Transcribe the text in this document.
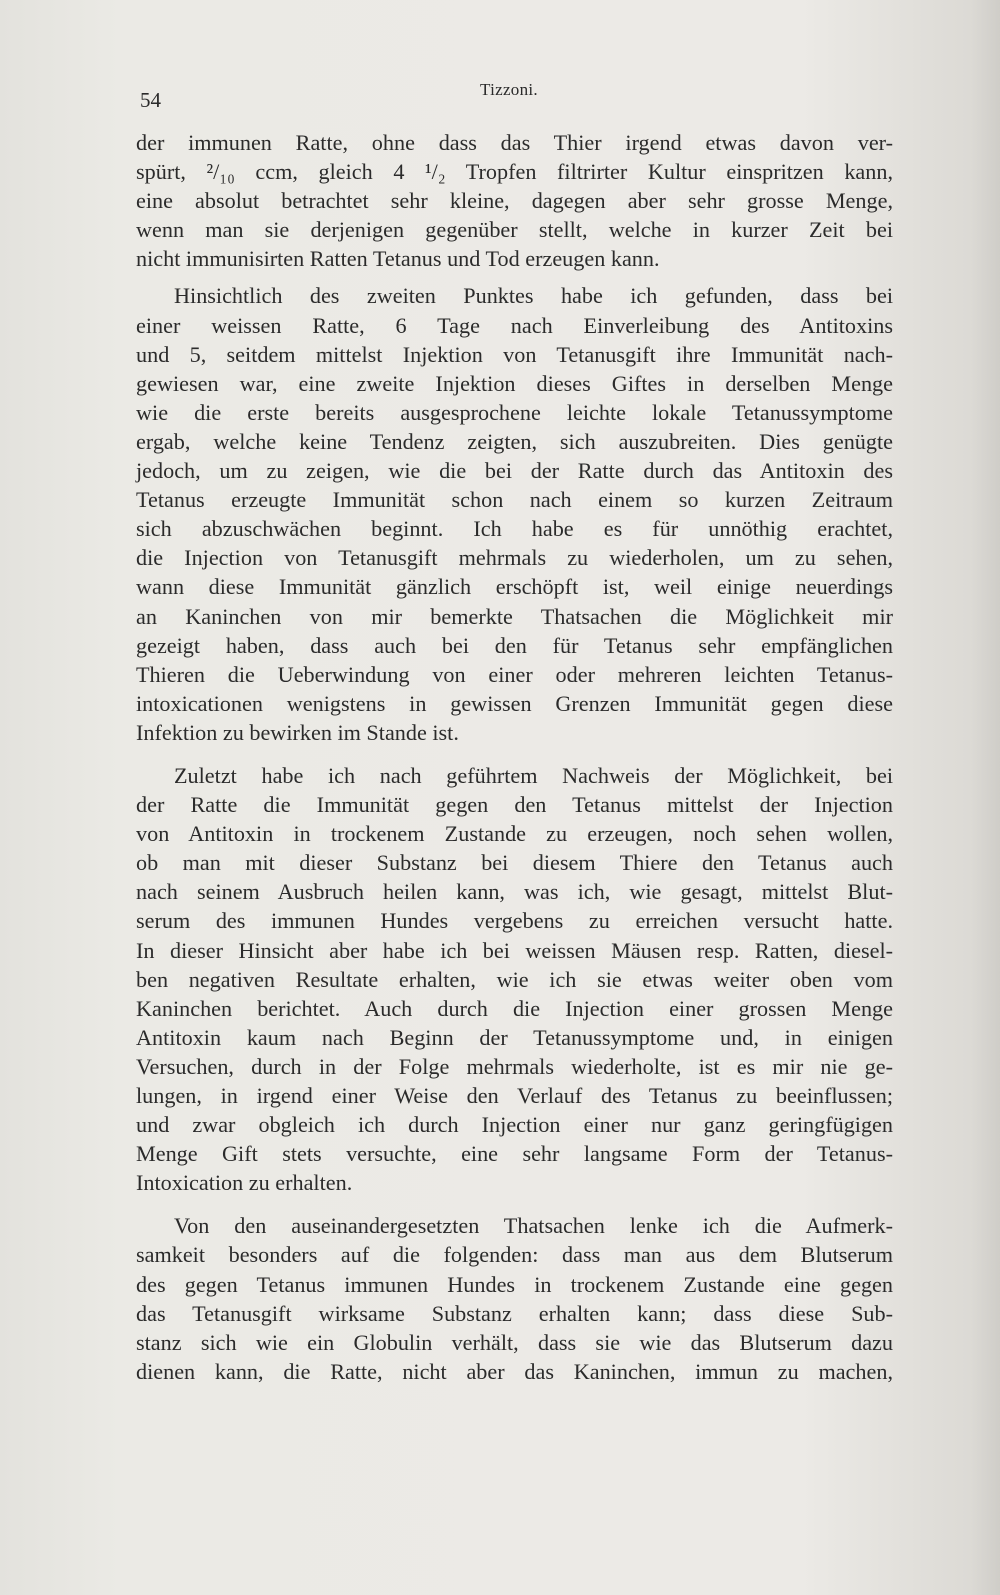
54	Tizzoni.
der immunen Ratte, ohne dass das Thier irgend etwas davon ver-
spürt, ²/₁₀ ccm, gleich 4 ¹/₂ Tropfen filtrirter Kultur einspritzen kann,
eine absolut betrachtet sehr kleine, dagegen aber sehr grosse Menge,
wenn man sie derjenigen gegenüber stellt, welche in kurzer Zeit bei
nicht immunisirten Ratten Tetanus und Tod erzeugen kann.
Hinsichtlich des zweiten Punktes habe ich gefunden, dass bei
einer weissen Ratte, 6 Tage nach Einverleibung des Antitoxins
und 5, seitdem mittelst Injektion von Tetanusgift ihre Immunität nach-
gewiesen war, eine zweite Injektion dieses Giftes in derselben Menge
wie die erste bereits ausgesprochene leichte lokale Tetanussymptome
ergab, welche keine Tendenz zeigten, sich auszubreiten. Dies genügte
jedoch, um zu zeigen, wie die bei der Ratte durch das Antitoxin des
Tetanus erzeugte Immunität schon nach einem so kurzen Zeitraum
sich abzuschwächen beginnt. Ich habe es für unnöthig erachtet,
die Injection von Tetanusgift mehrmals zu wiederholen, um zu sehen,
wann diese Immunität gänzlich erschöpft ist, weil einige neuerdings
an Kaninchen von mir bemerkte Thatsachen die Möglichkeit mir
gezeigt haben, dass auch bei den für Tetanus sehr empfänglichen
Thieren die Ueberwindung von einer oder mehreren leichten Tetanus-
intoxicationen wenigstens in gewissen Grenzen Immunität gegen diese
Infektion zu bewirken im Stande ist.
Zuletzt habe ich nach geführtem Nachweis der Möglichkeit, bei
der Ratte die Immunität gegen den Tetanus mittelst der Injection
von Antitoxin in trockenem Zustande zu erzeugen, noch sehen wollen,
ob man mit dieser Substanz bei diesem Thiere den Tetanus auch
nach seinem Ausbruch heilen kann, was ich, wie gesagt, mittelst Blut-
serum des immunen Hundes vergebens zu erreichen versucht hatte.
In dieser Hinsicht aber habe ich bei weissen Mäusen resp. Ratten, diesel-
ben negativen Resultate erhalten, wie ich sie etwas weiter oben vom
Kaninchen berichtet. Auch durch die Injection einer grossen Menge
Antitoxin kaum nach Beginn der Tetanussymptome und, in einigen
Versuchen, durch in der Folge mehrmals wiederholte, ist es mir nie ge-
lungen, in irgend einer Weise den Verlauf des Tetanus zu beeinflussen;
und zwar obgleich ich durch Injection einer nur ganz geringfügigen
Menge Gift stets versuchte, eine sehr langsame Form der Tetanus-
Intoxication zu erhalten.
Von den auseinandergesetzten Thatsachen lenke ich die Aufmerk-
samkeit besonders auf die folgenden: dass man aus dem Blutserum
des gegen Tetanus immunen Hundes in trockenem Zustande eine gegen
das Tetanusgift wirksame Substanz erhalten kann; dass diese Sub-
stanz sich wie ein Globulin verhält, dass sie wie das Blutserum dazu
dienen kann, die Ratte, nicht aber das Kaninchen, immun zu machen,
